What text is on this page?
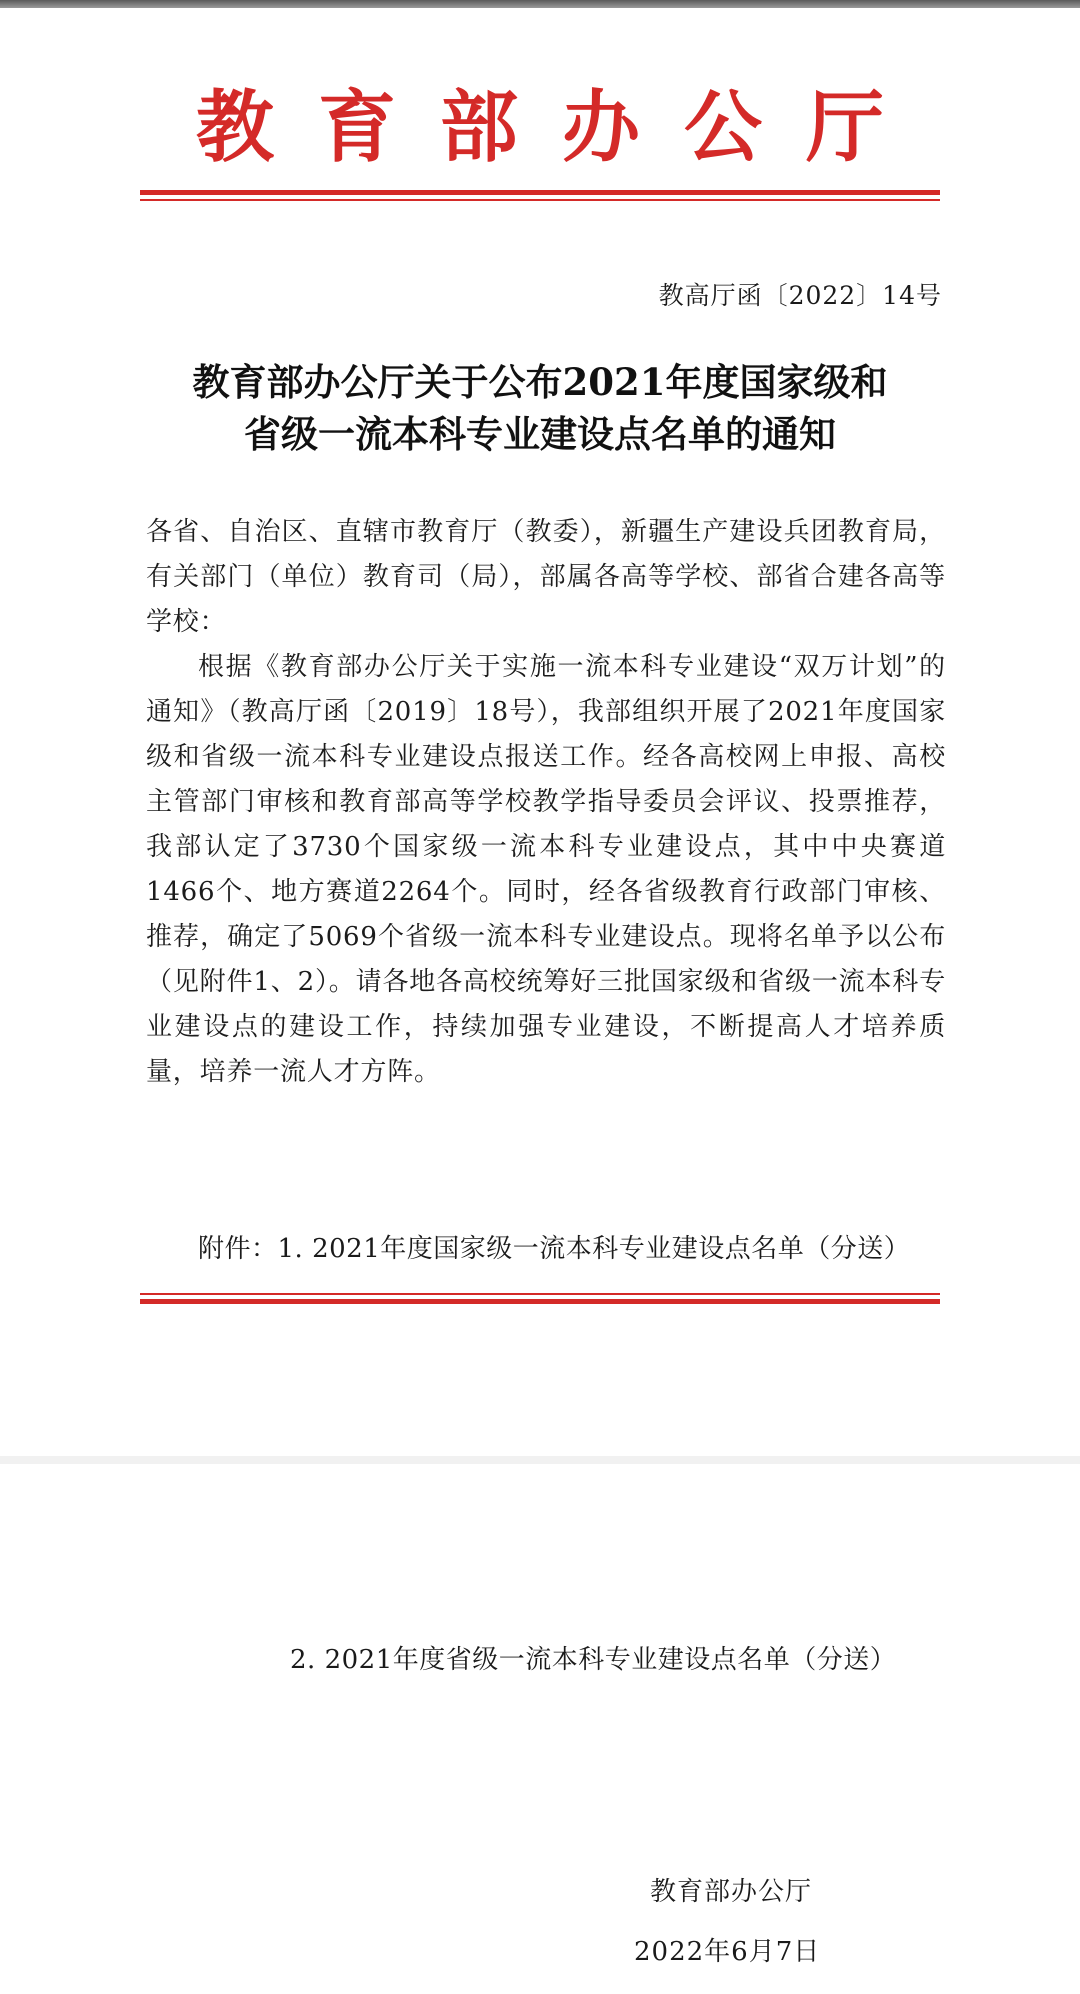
教育部办公厅
教高厅函〔2022〕14号
教育部办公厅关于公布2021年度国家级和
省级一流本科专业建设点名单的通知

各省、自治区、直辖市教育厅（教委），新疆生产建设兵团教育局，有关部门（单位）教育司（局），部属各高等学校、部省合建各高等学校：

根据《教育部办公厅关于实施一流本科专业建设“双万计划”的通知》（教高厅函〔2019〕18号），我部组织开展了2021年度国家级和省级一流本科专业建设点报送工作。经各高校网上申报、高校主管部门审核和教育部高等学校教学指导委员会评议、投票推荐，我部认定了3730个国家级一流本科专业建设点，其中中央赛道1466个、地方赛道2264个。同时，经各省级教育行政部门审核、推荐，确定了5069个省级一流本科专业建设点。现将名单予以公布（见附件1、2）。请各地各高校统筹好三批国家级和省级一流本科专业建设点的建设工作，持续加强专业建设，不断提高人才培养质量，培养一流人才方阵。

附件：1. 2021年度国家级一流本科专业建设点名单（分送）
2. 2021年度省级一流本科专业建设点名单（分送）
教育部办公厅
2022年6月7日
